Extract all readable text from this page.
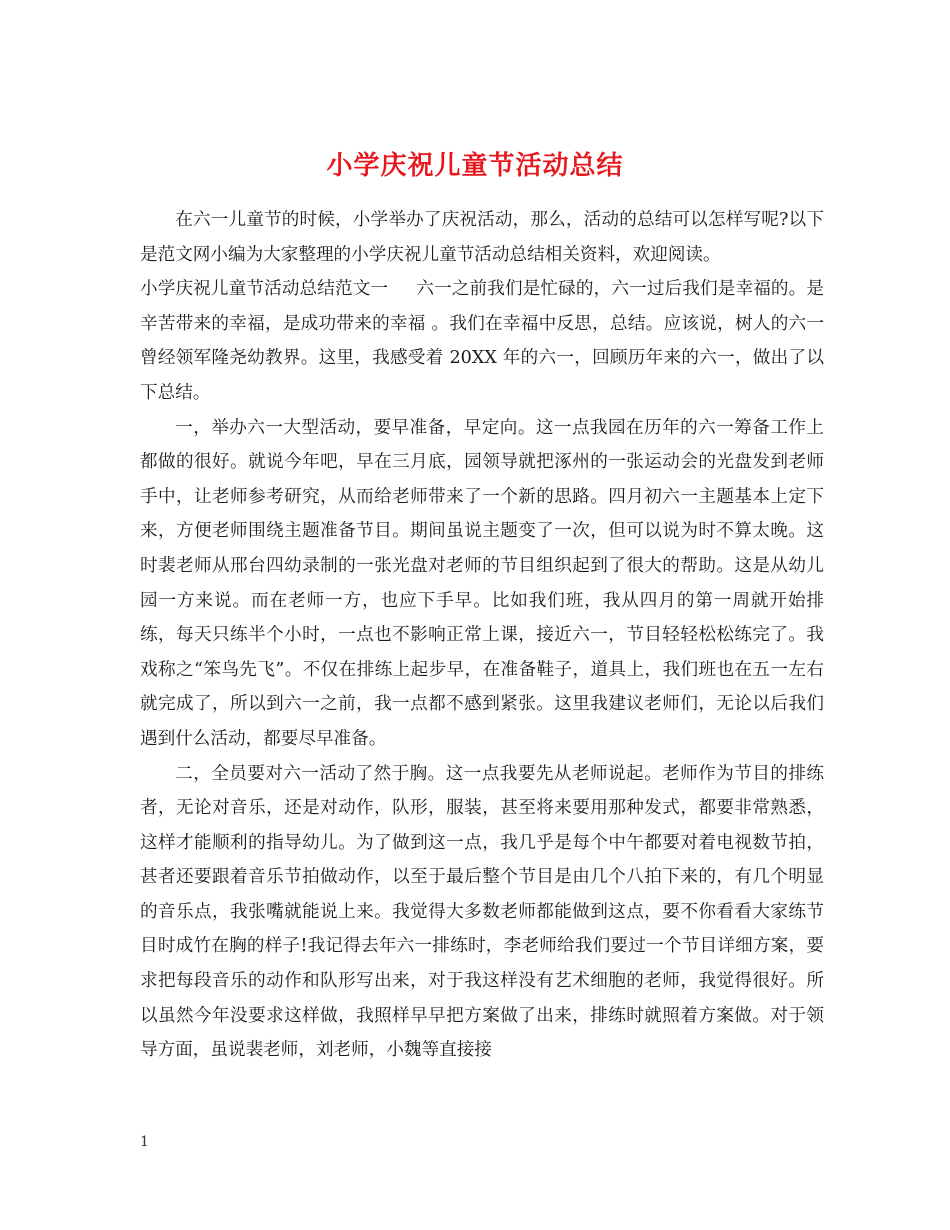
小学庆祝儿童节活动总结

在六一儿童节的时候，小学举办了庆祝活动，那么，活动的总结可以怎样写呢?以下是范文网小编为大家整理的小学庆祝儿童节活动总结相关资料，欢迎阅读。

小学庆祝儿童节活动总结范文一 六一之前我们是忙碌的，六一过后我们是幸福的。是辛苦带来的幸福，是成功带来的幸福 。我们在幸福中反思，总结。应该说，树人的六一曾经领军隆尧幼教界。这里，我感受着 20XX 年的六一，回顾历年来的六一，做出了以下总结。

一，举办六一大型活动，要早准备，早定向。这一点我园在历年的六一筹备工作上都做的很好。就说今年吧，早在三月底，园领导就把涿州的一张运动会的光盘发到老师手中，让老师参考研究，从而给老师带来了一个新的思路。四月初六一主题基本上定下来，方便老师围绕主题准备节目。期间虽说主题变了一次，但可以说为时不算太晚。这时裴老师从邢台四幼录制的一张光盘对老师的节目组织起到了很大的帮助。这是从幼儿园一方来说。而在老师一方，也应下手早。比如我们班，我从四月的第一周就开始排练，每天只练半个小时，一点也不影响正常上课，接近六一，节目轻轻松松练完了。我戏称之“笨鸟先飞”。不仅在排练上起步早，在准备鞋子，道具上，我们班也在五一左右就完成了，所以到六一之前，我一点都不感到紧张。这里我建议老师们，无论以后我们遇到什么活动，都要尽早准备。

二，全员要对六一活动了然于胸。这一点我要先从老师说起。老师作为节目的排练者，无论对音乐，还是对动作，队形，服装，甚至将来要用那种发式，都要非常熟悉，这样才能顺利的指导幼儿。为了做到这一点，我几乎是每个中午都要对着电视数节拍，甚者还要跟着音乐节拍做动作，以至于最后整个节目是由几个八拍下来的，有几个明显的音乐点，我张嘴就能说上来。我觉得大多数老师都能做到这点，要不你看看大家练节目时成竹在胸的样子!我记得去年六一排练时，李老师给我们要过一个节目详细方案，要求把每段音乐的动作和队形写出来，对于我这样没有艺术细胞的老师，我觉得很好。所以虽然今年没要求这样做，我照样早早把方案做了出来，排练时就照着方案做。对于领导方面，虽说裴老师，刘老师，小魏等直接接

1
